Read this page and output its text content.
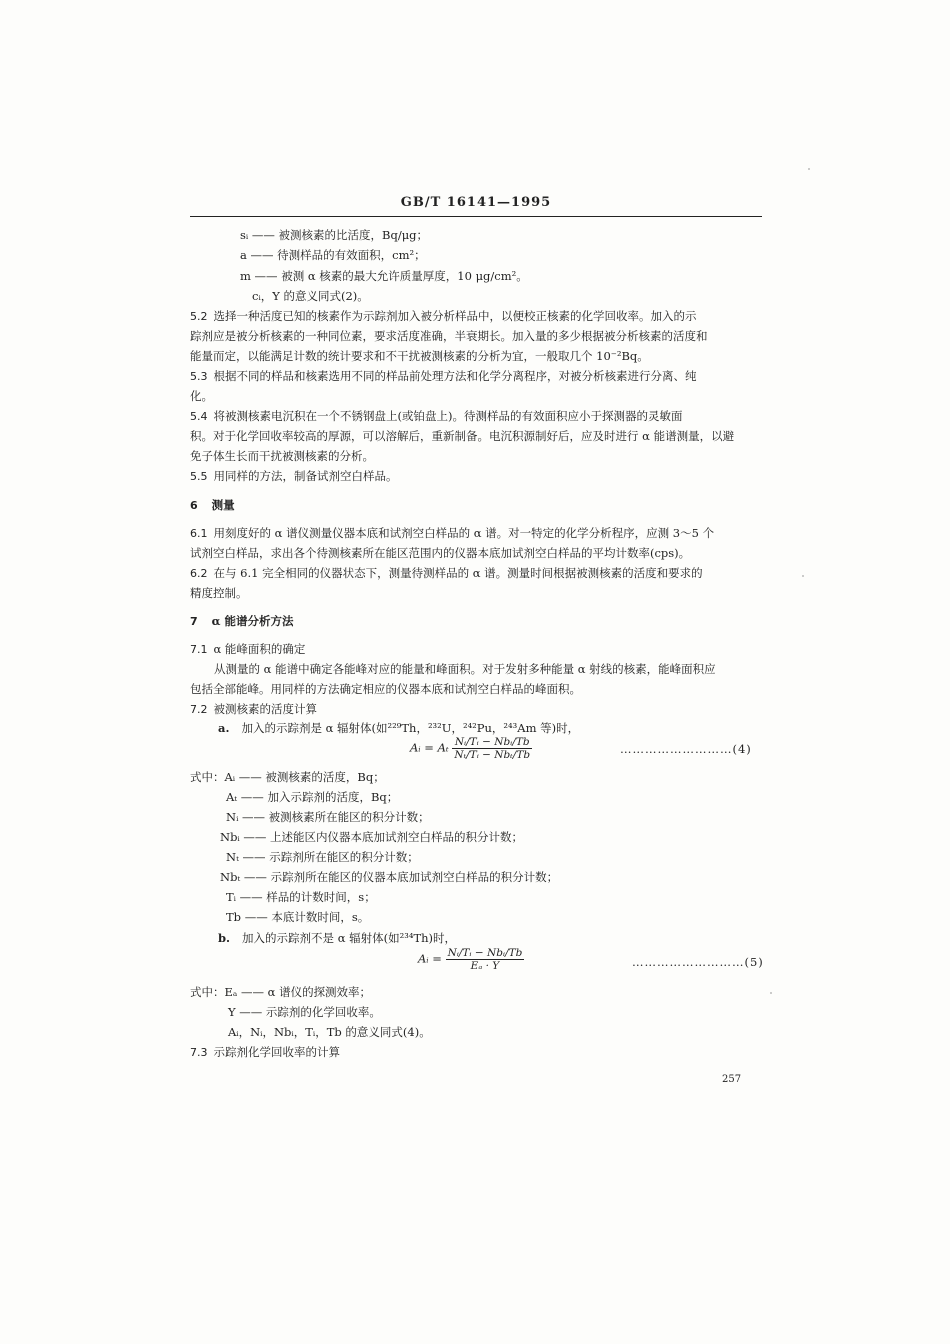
GB/T 16141—1995
sᵢ —— 被测核素的比活度，Bq/μg；
a —— 待测样品的有效面积，cm²；
m —— 被测 α 核素的最大允许质量厚度，10 μg/cm²。
cᵢ，Y 的意义同式(2)。
5.2 选择一种活度已知的核素作为示踪剂加入被分析样品中，以便校正核素的化学回收率。加入的示
踪剂应是被分析核素的一种同位素，要求活度准确，半衰期长。加入量的多少根据被分析核素的活度和
能量而定，以能满足计数的统计要求和不干扰被测核素的分析为宜，一般取几个 10⁻²Bq。
5.3 根据不同的样品和核素选用不同的样品前处理方法和化学分离程序，对被分析核素进行分离、纯
化。
5.4 将被测核素电沉积在一个不锈钢盘上(或铂盘上)。待测样品的有效面积应小于探测器的灵敏面
积。对于化学回收率较高的厚源，可以溶解后，重新制备。电沉积源制好后，应及时进行 α 能谱测量，以避
免子体生长而干扰被测核素的分析。
5.5 用同样的方法，制备试剂空白样品。
6 测量
6.1 用刻度好的 α 谱仪测量仪器本底和试剂空白样品的 α 谱。对一特定的化学分析程序，应测 3～5 个
试剂空白样品，求出各个待测核素所在能区范围内的仪器本底加试剂空白样品的平均计数率(cps)。
6.2 在与 6.1 完全相同的仪器状态下，测量待测样品的 α 谱。测量时间根据被测核素的活度和要求的
精度控制。
7 α 能谱分析方法
7.1 α 能峰面积的确定
从测量的 α 能谱中确定各能峰对应的能量和峰面积。对于发射多种能量 α 射线的核素，能峰面积应
包括全部能峰。用同样的方法确定相应的仪器本底和试剂空白样品的峰面积。
7.2 被测核素的活度计算
a. 加入的示踪剂是 α 辐射体(如²²⁹Th，²³²U，²⁴²Pu，²⁴³Am 等)时，
Aᵢ = Aₜ $\frac{\text{Nᵢ/Tᵢ − Nbᵢ/Tb}}{\text{Nₜ/Tᵢ − Nbₜ/Tb}}$	………………………(4)
式中：Aᵢ —— 被测核素的活度，Bq；
Aₜ —— 加入示踪剂的活度，Bq；
Nᵢ —— 被测核素所在能区的积分计数；
Nbᵢ —— 上述能区内仪器本底加试剂空白样品的积分计数；
Nₜ —— 示踪剂所在能区的积分计数；
Nbₜ —— 示踪剂所在能区的仪器本底加试剂空白样品的积分计数；
Tᵢ —— 样品的计数时间，s；
Tb —— 本底计数时间，s。
b. 加入的示踪剂不是 α 辐射体(如²³⁴Th)时，
Aᵢ = $\frac{\text{Nᵢ/Tᵢ − Nbᵢ/Tb}}{\text{Eₐ · Y}}$	………………………(5)
式中：Eₐ —— α 谱仪的探测效率；
Y —— 示踪剂的化学回收率。
Aᵢ，Nᵢ，Nbᵢ，Tᵢ，Tb 的意义同式(4)。
7.3 示踪剂化学回收率的计算
257
